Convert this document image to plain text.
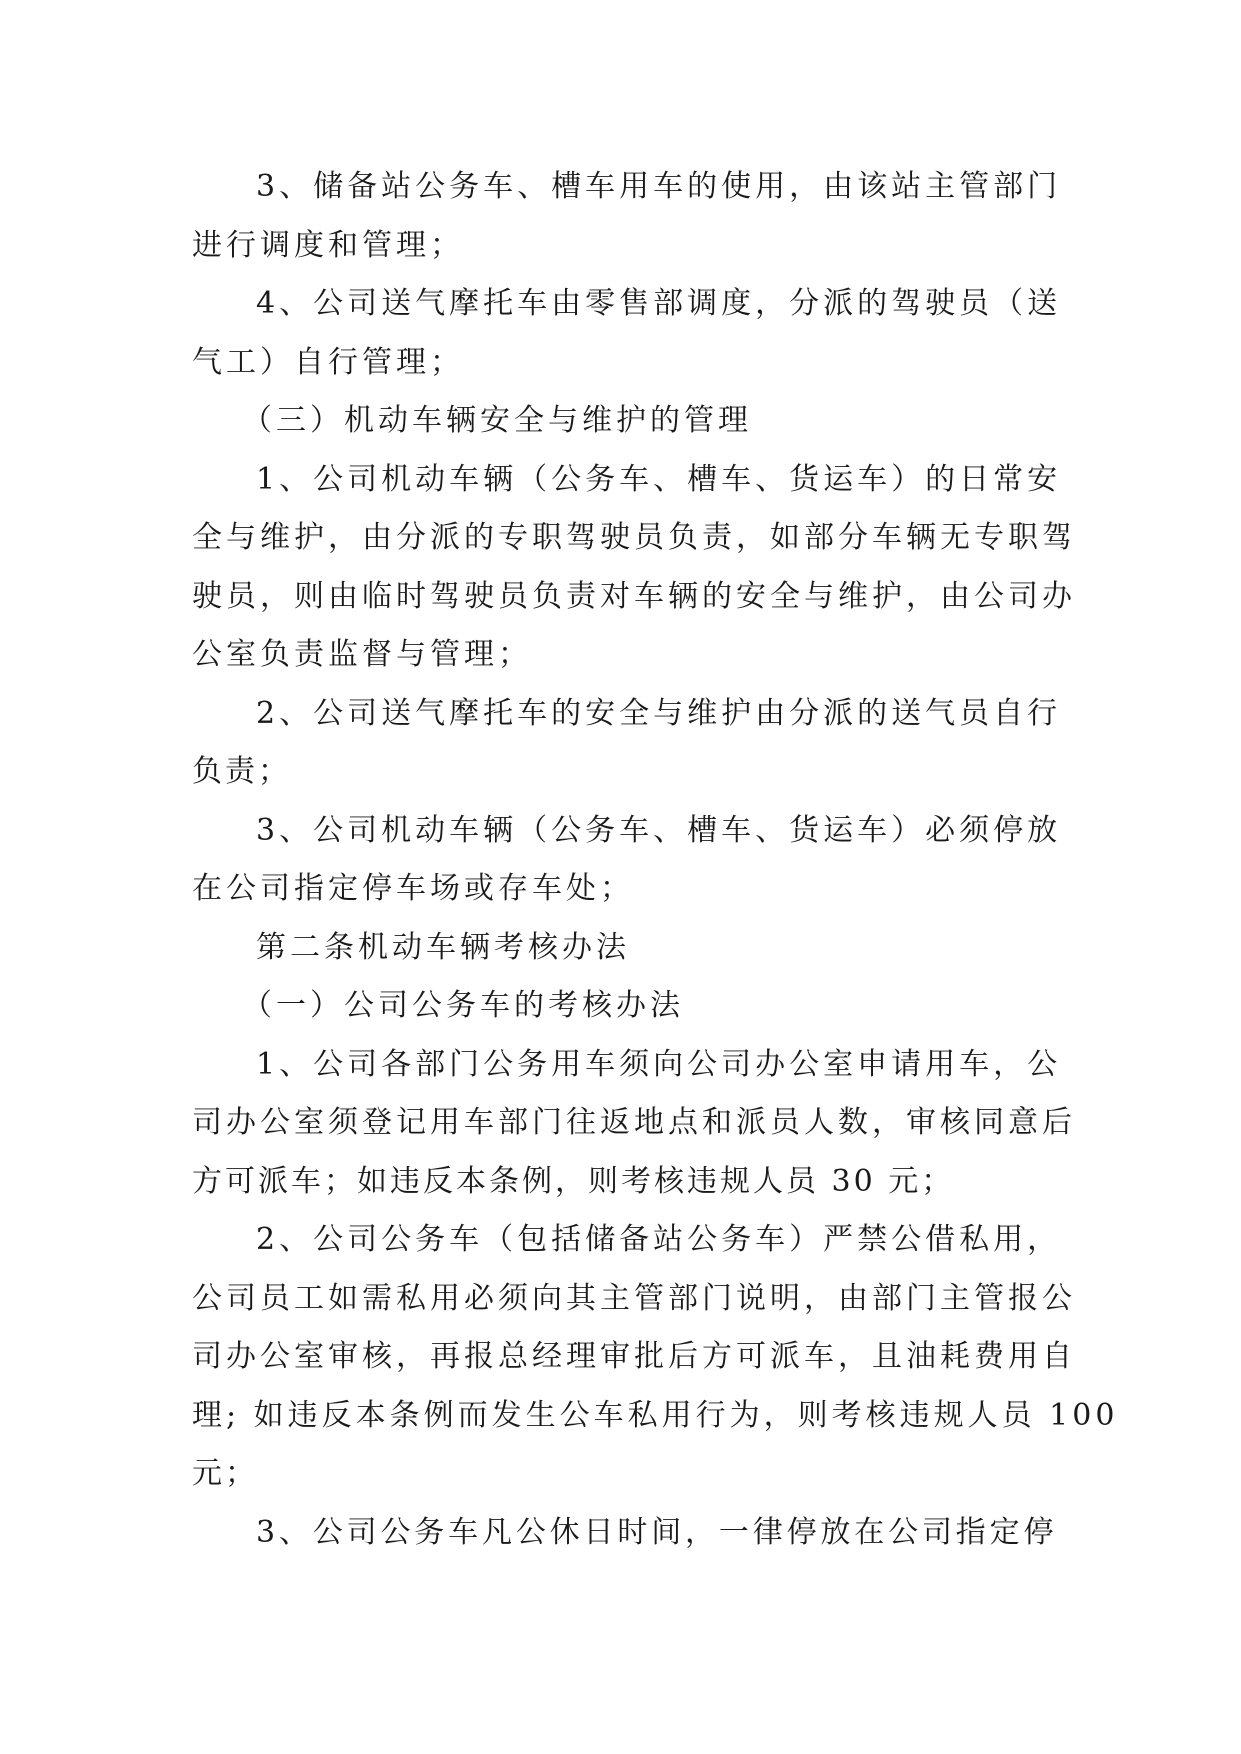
3、储备站公务车、槽车用车的使用，由该站主管部门
进行调度和管理；
4、公司送气摩托车由零售部调度，分派的驾驶员（送
气工）自行管理；
（三）机动车辆安全与维护的管理
1、公司机动车辆（公务车、槽车、货运车）的日常安
全与维护，由分派的专职驾驶员负责，如部分车辆无专职驾
驶员，则由临时驾驶员负责对车辆的安全与维护，由公司办
公室负责监督与管理；
2、公司送气摩托车的安全与维护由分派的送气员自行
负责；
3、公司机动车辆（公务车、槽车、货运车）必须停放
在公司指定停车场或存车处；
第二条机动车辆考核办法
（一）公司公务车的考核办法
1、公司各部门公务用车须向公司办公室申请用车，公
司办公室须登记用车部门往返地点和派员人数，审核同意后
方可派车；如违反本条例，则考核违规人员 30 元；
2、公司公务车（包括储备站公务车）严禁公借私用，
公司员工如需私用必须向其主管部门说明，由部门主管报公
司办公室审核，再报总经理审批后方可派车，且油耗费用自
理; 如违反本条例而发生公车私用行为，则考核违规人员 100
元；
3、公司公务车凡公休日时间，一律停放在公司指定停
